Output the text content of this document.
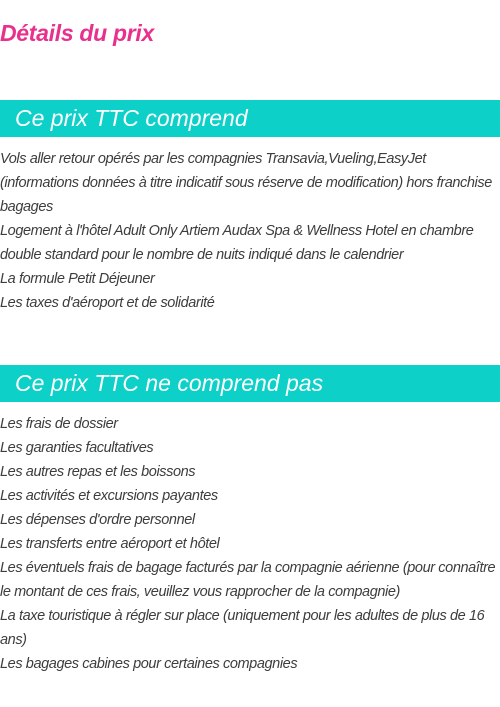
Détails du prix
Ce prix TTC comprend
Vols aller retour opérés par les compagnies Transavia,Vueling,EasyJet (informations données à titre indicatif sous réserve de modification) hors franchise bagages
Logement à l'hôtel Adult Only Artiem Audax Spa & Wellness Hotel en chambre double standard pour le nombre de nuits indiqué dans le calendrier
La formule Petit Déjeuner
Les taxes d'aéroport et de solidarité
Ce prix TTC ne comprend pas
Les frais de dossier
Les garanties facultatives
Les autres repas et les boissons
Les activités et excursions payantes
Les dépenses d'ordre personnel
Les transferts entre aéroport et hôtel
Les éventuels frais de bagage facturés par la compagnie aérienne (pour connaître le montant de ces frais, veuillez vous rapprocher de la compagnie)
La taxe touristique à régler sur place (uniquement pour les adultes de plus de 16 ans)
Les bagages cabines pour certaines compagnies
